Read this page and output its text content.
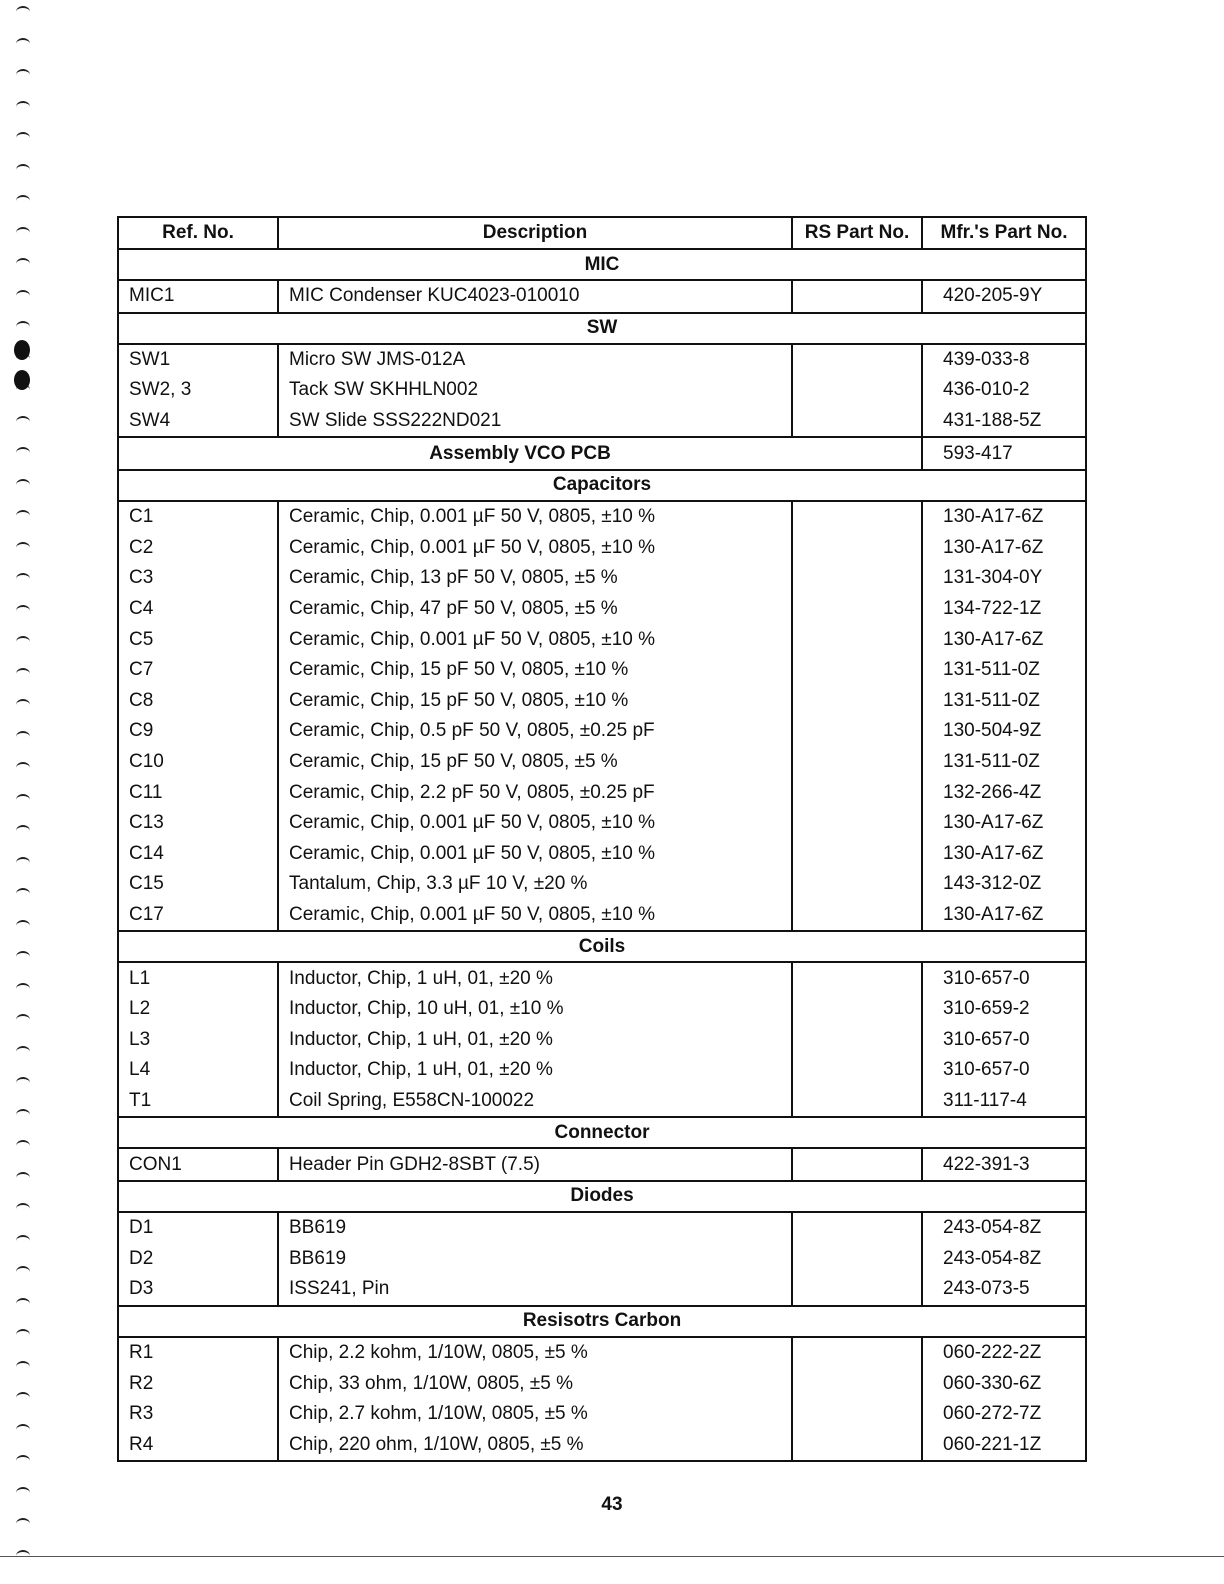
Ref. No.	Description	RS Part No.	Mfr.'s Part No.
MIC			
MIC1	MIC Condenser KUC4023-010010		420-205-9Y
SW			
SW1	Micro SW JMS-012A		439-033-8
SW2, 3	Tack SW SKHHLN002		436-010-2
SW4	SW Slide SSS222ND021		431-188-5Z
Assembly VCO PCB			593-417
Capacitors			
C1	Ceramic, Chip, 0.001 µF 50 V, 0805, ±10 %		130-A17-6Z
C2	Ceramic, Chip, 0.001 µF 50 V, 0805, ±10 %		130-A17-6Z
C3	Ceramic, Chip, 13 pF 50 V, 0805, ±5 %		131-304-0Y
C4	Ceramic, Chip, 47 pF 50 V, 0805, ±5 %		134-722-1Z
C5	Ceramic, Chip, 0.001 µF 50 V, 0805, ±10 %		130-A17-6Z
C7	Ceramic, Chip, 15 pF 50 V, 0805, ±10 %		131-511-0Z
C8	Ceramic, Chip, 15 pF 50 V, 0805, ±10 %		131-511-0Z
C9	Ceramic, Chip, 0.5 pF 50 V, 0805, ±0.25 pF		130-504-9Z
C10	Ceramic, Chip, 15 pF 50 V, 0805, ±5 %		131-511-0Z
C11	Ceramic, Chip, 2.2 pF 50 V, 0805, ±0.25 pF		132-266-4Z
C13	Ceramic, Chip, 0.001 µF 50 V, 0805, ±10 %		130-A17-6Z
C14	Ceramic, Chip, 0.001 µF 50 V, 0805, ±10 %		130-A17-6Z
C15	Tantalum, Chip, 3.3 µF 10 V, ±20 %		143-312-0Z
C17	Ceramic, Chip, 0.001 µF 50 V, 0805, ±10 %		130-A17-6Z
Coils			
L1	Inductor, Chip, 1 uH, 01, ±20 %		310-657-0
L2	Inductor, Chip, 10 uH, 01, ±10 %		310-659-2
L3	Inductor, Chip, 1 uH, 01, ±20 %		310-657-0
L4	Inductor, Chip, 1 uH, 01, ±20 %		310-657-0
T1	Coil Spring, E558CN-100022		311-117-4
Connector			
CON1	Header Pin GDH2-8SBT (7.5)		422-391-3
Diodes			
D1	BB619		243-054-8Z
D2	BB619		243-054-8Z
D3	ISS241, Pin		243-073-5
Resisotrs Carbon			
R1	Chip, 2.2 kohm, 1/10W, 0805, ±5 %		060-222-2Z
R2	Chip, 33 ohm, 1/10W, 0805, ±5 %		060-330-6Z
R3	Chip, 2.7 kohm, 1/10W, 0805, ±5 %		060-272-7Z
R4	Chip, 220 ohm, 1/10W, 0805, ±5 %		060-221-1Z
43
